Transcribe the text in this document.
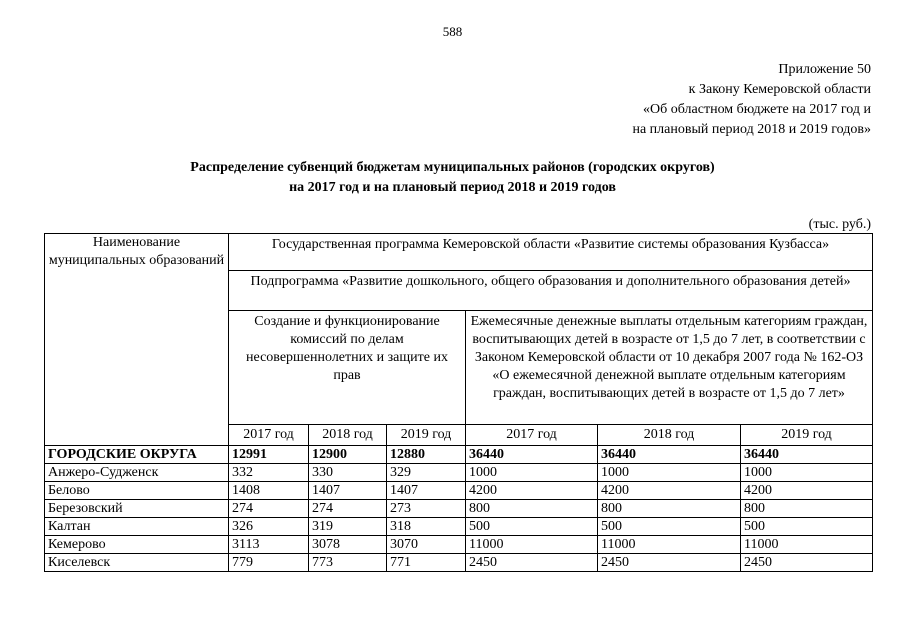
588
Приложение 50
к Закону Кемеровской области
«Об областном бюджете на 2017 год и
на плановый период 2018 и 2019 годов»
Распределение субвенций бюджетам муниципальных районов (городских округов)
на 2017 год и на плановый период 2018 и 2019 годов
(тыс. руб.)
Наименование муниципальных образований	Государственная программа Кемеровской области «Развитие системы образования Кузбасса»					
	Подпрограмма «Развитие дошкольного, общего образования и дополнительного образования детей»					
	Создание и функционирование комиссий по делам несовершеннолетних и защите их прав			Ежемесячные денежные выплаты отдельным категориям граждан, воспитывающих детей в возрасте от 1,5 до 7 лет, в соответствии с Законом Кемеровской области от 10 декабря 2007 года № 162-ОЗ «О ежемесячной денежной выплате отдельным категориям граждан, воспитывающих детей в возрасте от 1,5 до 7 лет»		
	2017 год	2018 год	2019 год	2017 год	2018 год	2019 год
ГОРОДСКИЕ ОКРУГА	12991	12900	12880	36440	36440	36440
Анжеро-Судженск	332	330	329	1000	1000	1000
Белово	1408	1407	1407	4200	4200	4200
Березовский	274	274	273	800	800	800
Калтан	326	319	318	500	500	500
Кемерово	3113	3078	3070	11000	11000	11000
Киселевск	779	773	771	2450	2450	2450
